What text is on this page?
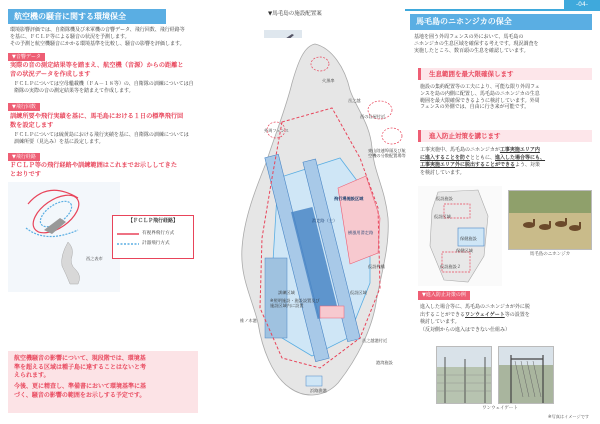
-04-
航空機の騒音に関する環境保全
環境影響評価では、自衛隊機及び米軍機の音響データ、飛行回数、飛行経路等
を基に、ＦＣＬＰ等による騒音の状況を予測します。
その予測と航空機騒音にかかる環境基準を比較し、騒音の影響を評価します。
▼音響データ
実際の音の測定結果等を踏まえ、航空機（音源）からの距離と
音の状況データを作成します
ＦＣＬＰについては空母艦載機（ＦＡ－１８等）の、自衛隊の訓練については自
衛隊の実際の音の測定結果等を踏まえて作成します。
▼飛行回数
訓練所要や飛行実績を基に、馬毛島における１日の標準飛行回
数を設定します
ＦＣＬＰについては硫黄島における飛行実績を基に、自衛隊の訓練については
訓練所要（見込み）を基に設定します。
▼飛行経路
ＦＣＬＰ等の飛行経路や訓練範囲はこれまでお示ししてきた
とおりです
西之表市
【ＦＣＬＰ飛行経路】
有視界飛行方式
計器飛行方式
航空機騒音の影響について、現段階では、環境基
準を超える区域は種子島に達することはないと考
えられます。
今後、更に精査し、準備書において環境基準に基
づく、騒音の影響の範囲をお示しする予定です。
▼馬毛島の施設配置案
火黒串
岳之越
西の岩屋付近
外周フェンス
飛行場施設区域
滑走路（主）
横風用滑走路
東山陸連埠頭及び航空機の分散配置場等
仮設桟橋
訓練区域
※照明施設・施設設置及び
施設区域内に設置
仮設区域
椎ノ木港
岳之越港付近
浜路漁港
港湾施設
馬毛島のニホンジカの保全
基地を囲う外周フェンスの外において、馬毛島の
ニホンジカの生息区域を確保する考えです。現況調査を
実施したところ、数百頭の生息を確認しています。
生息範囲を最大限確保します
施設の集約配置等の工夫により、可能な限り外周フェ
ンスを島の内側に配置し、馬毛島のニホンジカの生息
範囲を最大限確保できるように検討しています。外周
フェンスの外側では、自由に行き来が可能です。
進入防止対策を講じます
工事実施中、馬毛島のニホンジカが工事実施エリア内
に進入することを防ぐとともに、進入した場合等にも、
工事実施エリア外に脱出することができるよう、対策
を検討しています。
仮設施設
仮設区域
保健施設
保健区域
仮設施設２
馬毛島のニホンジカ
▼進入防止対策の例
進入した場合等に、馬毛島のニホンジカが外に脱
出することができるワンウェイゲート等の設置を
検討しています。
（反対側からの進入はできない仕組み）
ワンウェイゲート
※写真はイメージです
